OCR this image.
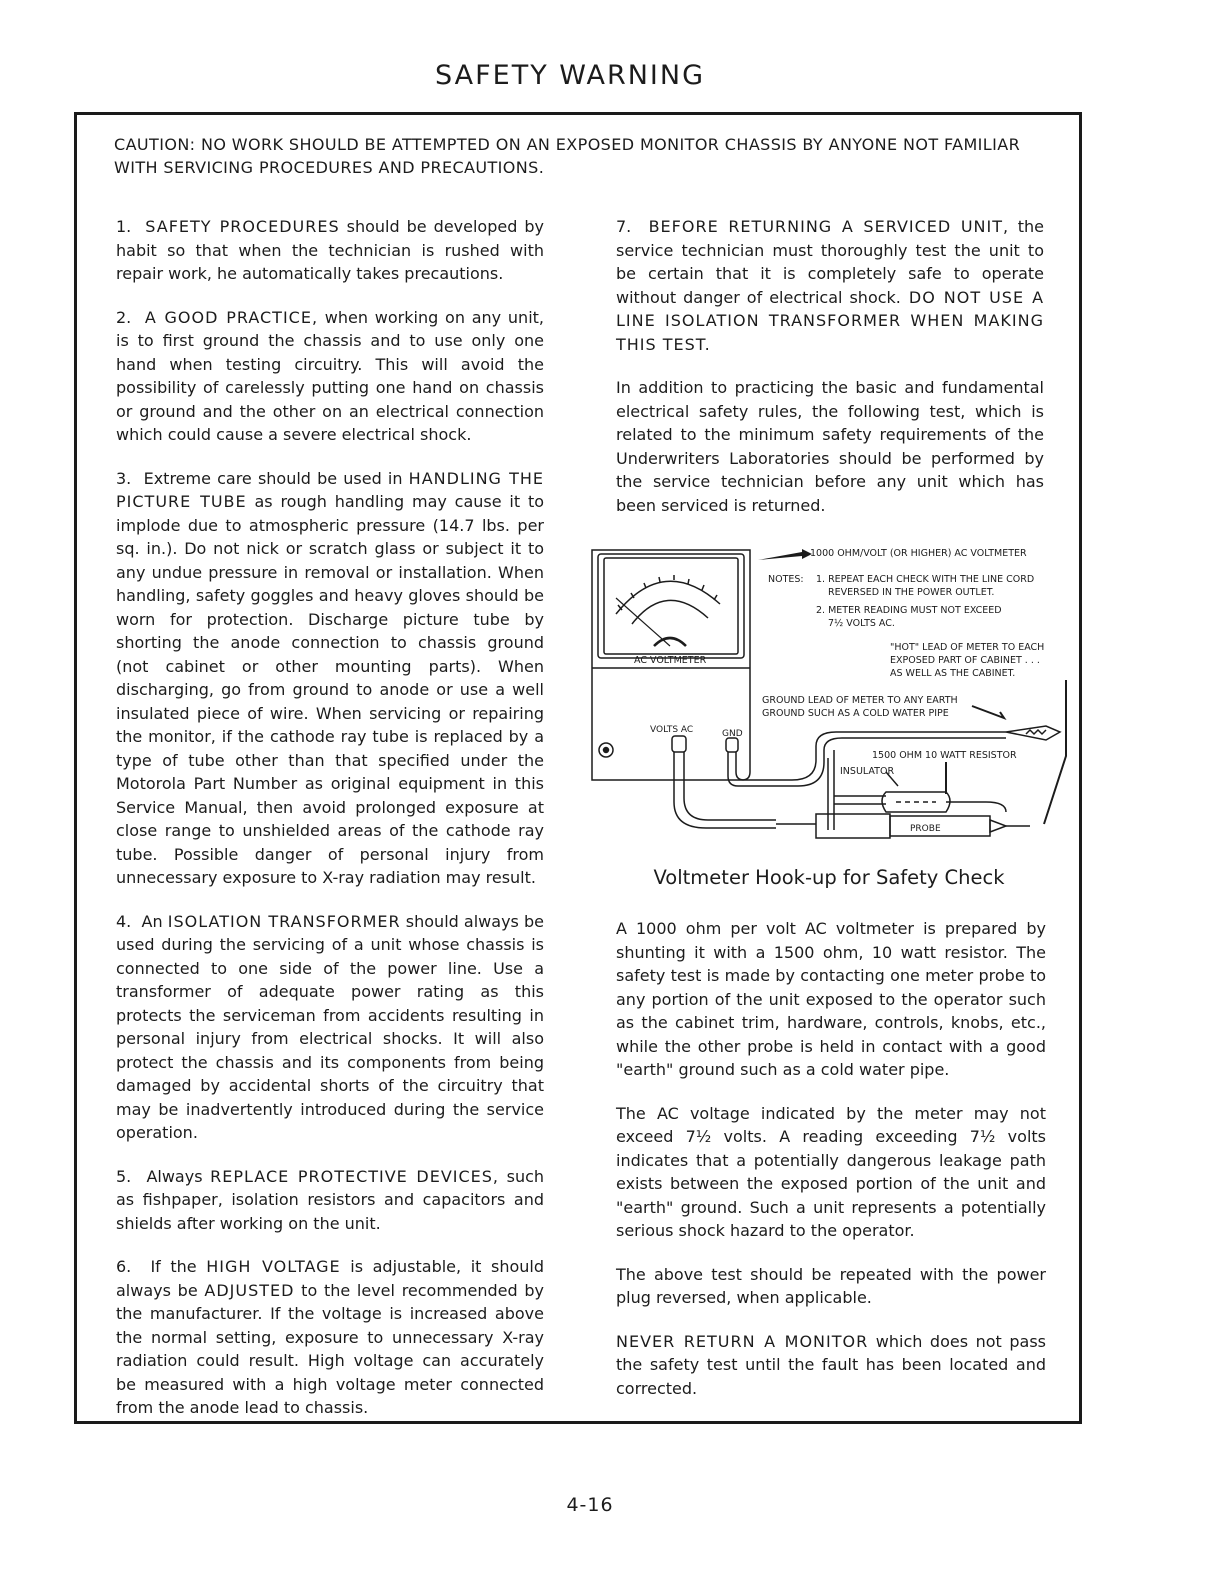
SAFETY WARNING
CAUTION: NO WORK SHOULD BE ATTEMPTED ON AN EXPOSED MONITOR CHASSIS BY ANYONE NOT FAMILIAR WITH SERVICING PROCEDURES AND PRECAUTIONS.

1. SAFETY PROCEDURES should be developed by habit so that when the technician is rushed with repair work, he automatically takes precautions.

2. A GOOD PRACTICE, when working on any unit, is to first ground the chassis and to use only one hand when testing circuitry. This will avoid the possibility of carelessly putting one hand on chassis or ground and the other on an electrical connection which could cause a severe electrical shock.

3. Extreme care should be used in HANDLING THE PICTURE TUBE as rough handling may cause it to implode due to atmospheric pressure (14.7 lbs. per sq. in.). Do not nick or scratch glass or subject it to any undue pressure in removal or installation. When handling, safety goggles and heavy gloves should be worn for protection. Discharge picture tube by shorting the anode connection to chassis ground (not cabinet or other mounting parts). When discharging, go from ground to anode or use a well insulated piece of wire. When servicing or repairing the monitor, if the cathode ray tube is replaced by a type of tube other than that specified under the Motorola Part Number as original equipment in this Service Manual, then avoid prolonged exposure at close range to unshielded areas of the cathode ray tube. Possible danger of personal injury from unnecessary exposure to X-ray radiation may result.

4. An ISOLATION TRANSFORMER should always be used during the servicing of a unit whose chassis is connected to one side of the power line. Use a transformer of adequate power rating as this protects the serviceman from accidents resulting in personal injury from electrical shocks. It will also protect the chassis and its components from being damaged by accidental shorts of the circuitry that may be inadvertently introduced during the service operation.

5. Always REPLACE PROTECTIVE DEVICES, such as fishpaper, isolation resistors and capacitors and shields after working on the unit.

6. If the HIGH VOLTAGE is adjustable, it should always be ADJUSTED to the level recommended by the manufacturer. If the voltage is increased above the normal setting, exposure to unnecessary X-ray radiation could result. High voltage can accurately be measured with a high voltage meter connected from the anode lead to chassis.

7. BEFORE RETURNING A SERVICED UNIT, the service technician must thoroughly test the unit to be certain that it is completely safe to operate without danger of electrical shock. DO NOT USE A LINE ISOLATION TRANSFORMER WHEN MAKING THIS TEST.

In addition to practicing the basic and fundamental electrical safety rules, the following test, which is related to the minimum safety requirements of the Underwriters Laboratories should be performed by the service technician before any unit which has been serviced is returned.

1000 OHM/VOLT (OR HIGHER) AC VOLTMETER
NOTES: 1. REPEAT EACH CHECK WITH THE LINE CORD
REVERSED IN THE POWER OUTLET.
2. METER READING MUST NOT EXCEED
7½ VOLTS AC.
"HOT" LEAD OF METER TO EACH
EXPOSED PART OF CABINET . . .
AS WELL AS THE CABINET.
GROUND LEAD OF METER TO ANY EARTH
GROUND SUCH AS A COLD WATER PIPE
AC VOLTMETER
VOLTS AC	GND
1500 OHM 10 WATT RESISTOR
INSULATOR
PROBE
Voltmeter Hook-up for Safety Check

A 1000 ohm per volt AC voltmeter is prepared by shunting it with a 1500 ohm, 10 watt resistor. The safety test is made by contacting one meter probe to any portion of the unit exposed to the operator such as the cabinet trim, hardware, controls, knobs, etc., while the other probe is held in contact with a good "earth" ground such as a cold water pipe.

The AC voltage indicated by the meter may not exceed 7½ volts. A reading exceeding 7½ volts indicates that a potentially dangerous leakage path exists between the exposed portion of the unit and "earth" ground. Such a unit represents a potentially serious shock hazard to the operator.

The above test should be repeated with the power plug reversed, when applicable.

NEVER RETURN A MONITOR which does not pass the safety test until the fault has been located and corrected.

4-16
